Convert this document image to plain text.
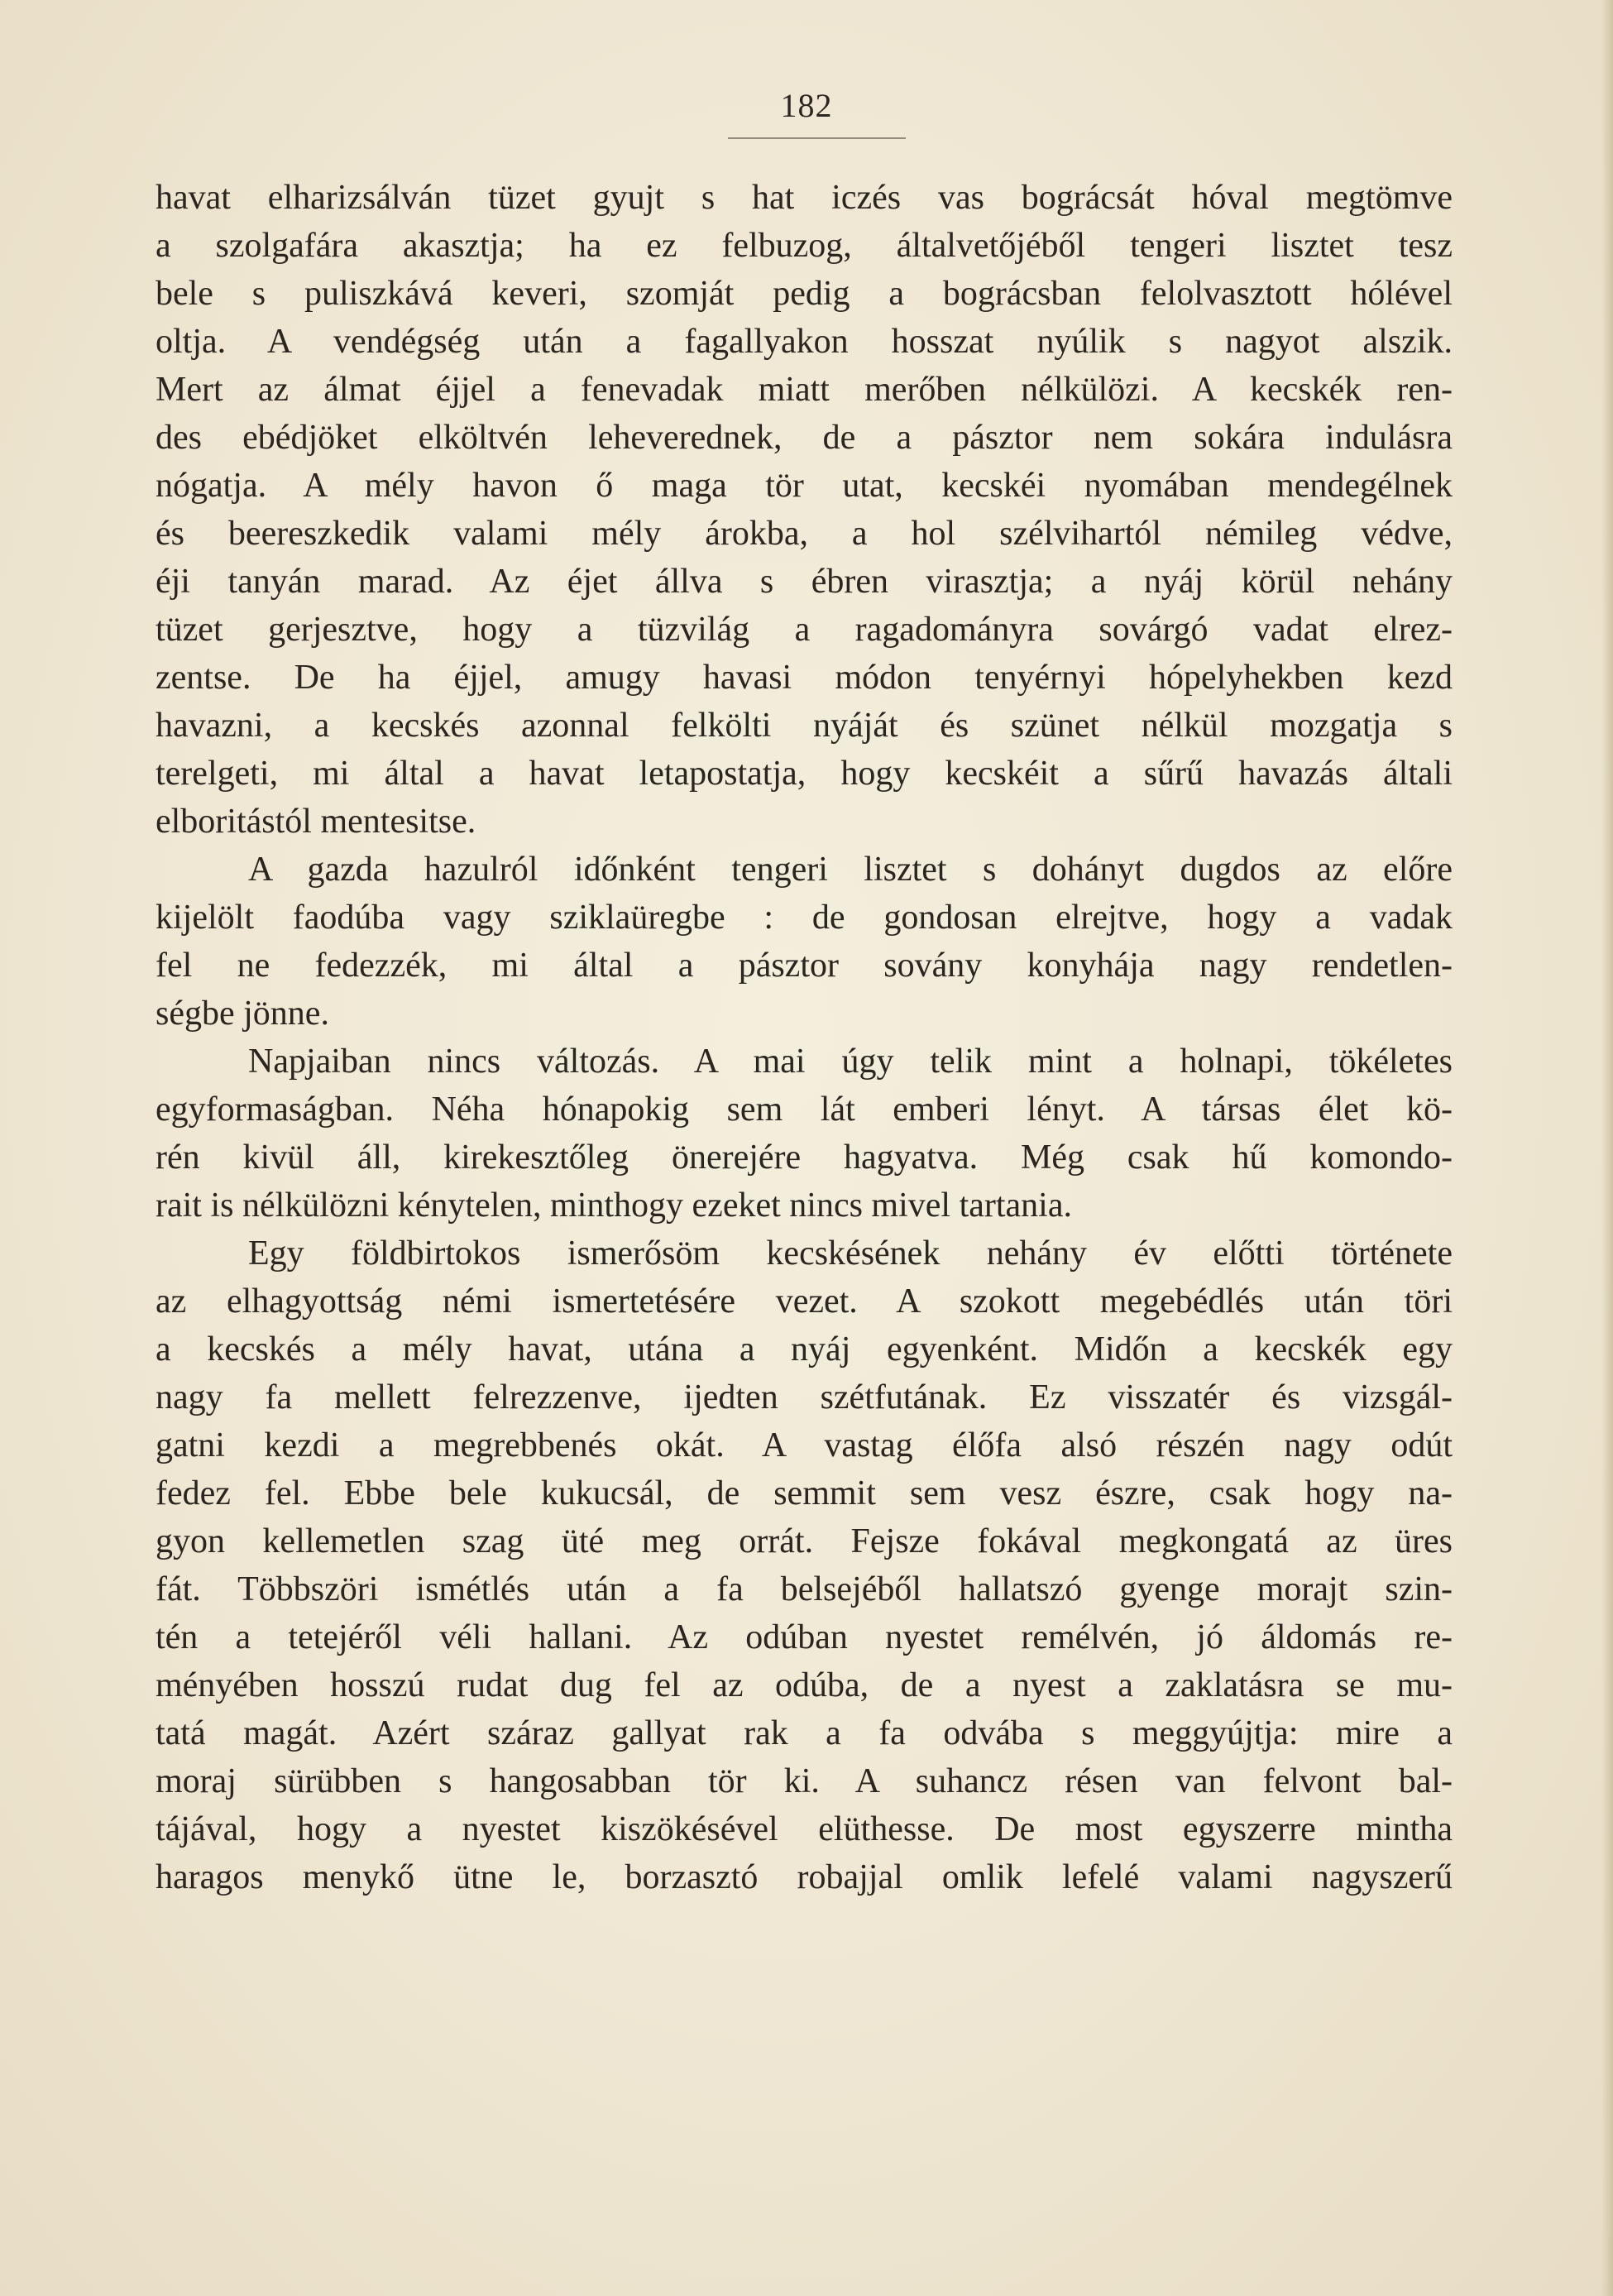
182
havat elharizsálván tüzet gyujt s hat iczés vas bográcsát hóval megtömve
a szolgafára akasztja; ha ez felbuzog, általvetőjéből tengeri lisztet tesz
bele s puliszkává keveri, szomját pedig a bográcsban felolvasztott hólével
oltja. A vendégség után a fagallyakon hosszat nyúlik s nagyot alszik.
Mert az álmat éjjel a fenevadak miatt merőben nélkülözi. A kecskék ren-
des ebédjöket elköltvén leheverednek, de a pásztor nem sokára indulásra
nógatja. A mély havon ő maga tör utat, kecskéi nyomában mendegélnek
és beereszkedik valami mély árokba, a hol szélvihartól némileg védve,
éji tanyán marad. Az éjet állva s ébren virasztja; a nyáj körül nehány
tüzet gerjesztve, hogy a tüzvilág a ragadományra sovárgó vadat elrez-
zentse. De ha éjjel, amugy havasi módon tenyérnyi hópelyhekben kezd
havazni, a kecskés azonnal felkölti nyáját és szünet nélkül mozgatja s
terelgeti, mi által a havat letapostatja, hogy kecskéit a sűrű havazás általi
elboritástól mentesitse.
A gazda hazulról időnként tengeri lisztet s dohányt dugdos az előre
kijelölt faodúba vagy sziklaüregbe : de gondosan elrejtve, hogy a vadak
fel ne fedezzék, mi által a pásztor sovány konyhája nagy rendetlen-
ségbe jönne.
Napjaiban nincs változás. A mai úgy telik mint a holnapi, tökéletes
egyformaságban. Néha hónapokig sem lát emberi lényt. A társas élet kö-
rén kivül áll, kirekesztőleg önerejére hagyatva. Még csak hű komondo-
rait is nélkülözni kénytelen, minthogy ezeket nincs mivel tartania.
Egy földbirtokos ismerősöm kecskésének nehány év előtti története
az elhagyottság némi ismertetésére vezet. A szokott megebédlés után töri
a kecskés a mély havat, utána a nyáj egyenként. Midőn a kecskék egy
nagy fa mellett felrezzenve, ijedten szétfutának. Ez visszatér és vizsgál-
gatni kezdi a megrebbenés okát. A vastag élőfa alsó részén nagy odút
fedez fel. Ebbe bele kukucsál, de semmit sem vesz észre, csak hogy na-
gyon kellemetlen szag üté meg orrát. Fejsze fokával megkongatá az üres
fát. Többszöri ismétlés után a fa belsejéből hallatszó gyenge morajt szin-
tén a tetejéről véli hallani. Az odúban nyestet remélvén, jó áldomás re-
ményében hosszú rudat dug fel az odúba, de a nyest a zaklatásra se mu-
tatá magát. Azért száraz gallyat rak a fa odvába s meggyújtja: mire a
moraj sürübben s hangosabban tör ki. A suhancz résen van felvont bal-
tájával, hogy a nyestet kiszökésével elüthesse. De most egyszerre mintha
haragos menykő ütne le, borzasztó robajjal omlik lefelé valami nagyszerű
